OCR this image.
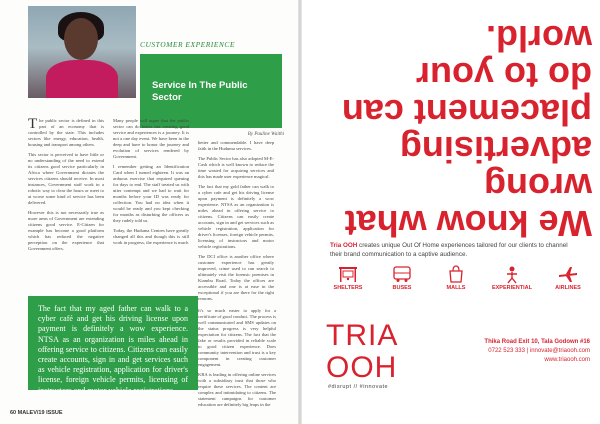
CUSTOMER EXPERIENCE
Service In The Public Sector
By Pauline Waithi

The public sector is defined in this part of an economy that is controlled by the state. This includes sectors like energy, education, health, housing and transport among others.

This sector is perceived to have little or no understanding of the need to extend its citizens good service particularly in Africa where Government dictates the services citizens should receive. In most instances, Government staff work in a robotic way to clear the hours or meet to at worse some kind of service has been delivered.

However this is not necessarily true as more arms of Government are extending citizens good service. E-Citizen for example has become a good platform which has reduced the negative perception on the experience that Government offers.

Many people will argue that the public sector can do better but creating good service and experiences is a journey. It is not a one day event. We have been in the deep and have to honor the journey and evolution of services rendered by Government.

I remember getting an Identification Card when I turned eighteen. It was an arduous exercise that required queuing for days to end. The staff treated us with utter contempt and we had to wait for months before your ID was ready for collection. You had no idea when it would be ready and you kept checking for months as disturbing the officers as they rudely told us.

Today, the Huduma Centres have greatly changed all this and though this is still work in progress, the experience is much

better and commendable. I have deep faith in the Huduma services.

The Public Sector has also adopted M-E-Cash which is well known to reduce the time wasted for acquiring services and this has made user experience magical.

The fact that my gold father can walk to a cyber cafe and get his driving license upon payment is definitely a wow experience. NTSA as an organization is miles ahead in offering service to citizens. Citizens can easily create accounts, sign in and get services such as vehicle registration, application for driver's licenses, foreign vehicle permits, licensing of instructors and motor vehicle registrations.

The DCI office is another office where customer experience has greatly improved, crime used to run search to ultimately visit the forensic premises in Kiambu Road. Today the offices are accessible and one is at ease in the exceptional if you are there for the right reasons.

The fact that my aged father can walk to a cyber café and get his driving license upon payment is definitely a wow experience. NTSA as an organization is miles ahead in offering service to citizens. Citizens can easily create accounts, sign in and get services such as vehicle registration, application for driver's license, foreign vehicle permits, licensing of instructors and motor vehicle registrations.

It's so much easier to apply for a certificate of good conduct. The process is well communicated and SMS updates on the status progress is very helpful expectation for citizens. The fact that the fake or results provided in reliable scale to good citizen experience. Does community intervention and trust is a key component in creating customer engagement.

KRA is leading in offering online services with a subsidiary trust that those who require these services. The content are complex and intimidating to citizens. The statement campaigns for customer education are definitely big leaps in the

60 MALEV/19 ISSUE
We know what wrong advertising placement can do to your world.
Tria OOH creates unique Out Of Home experiences tailored for our clients to channel their brand communication to a captive audience.
SHELTERS	BUSES	MALLS	EXPERIENTIAL	AIRLINES
TRIA OOH
#disrupt // #innovate
Thika Road Exit 10, Tala Godown #16
0722 523 333 | innovate@triaooh.com
www.triaooh.com
